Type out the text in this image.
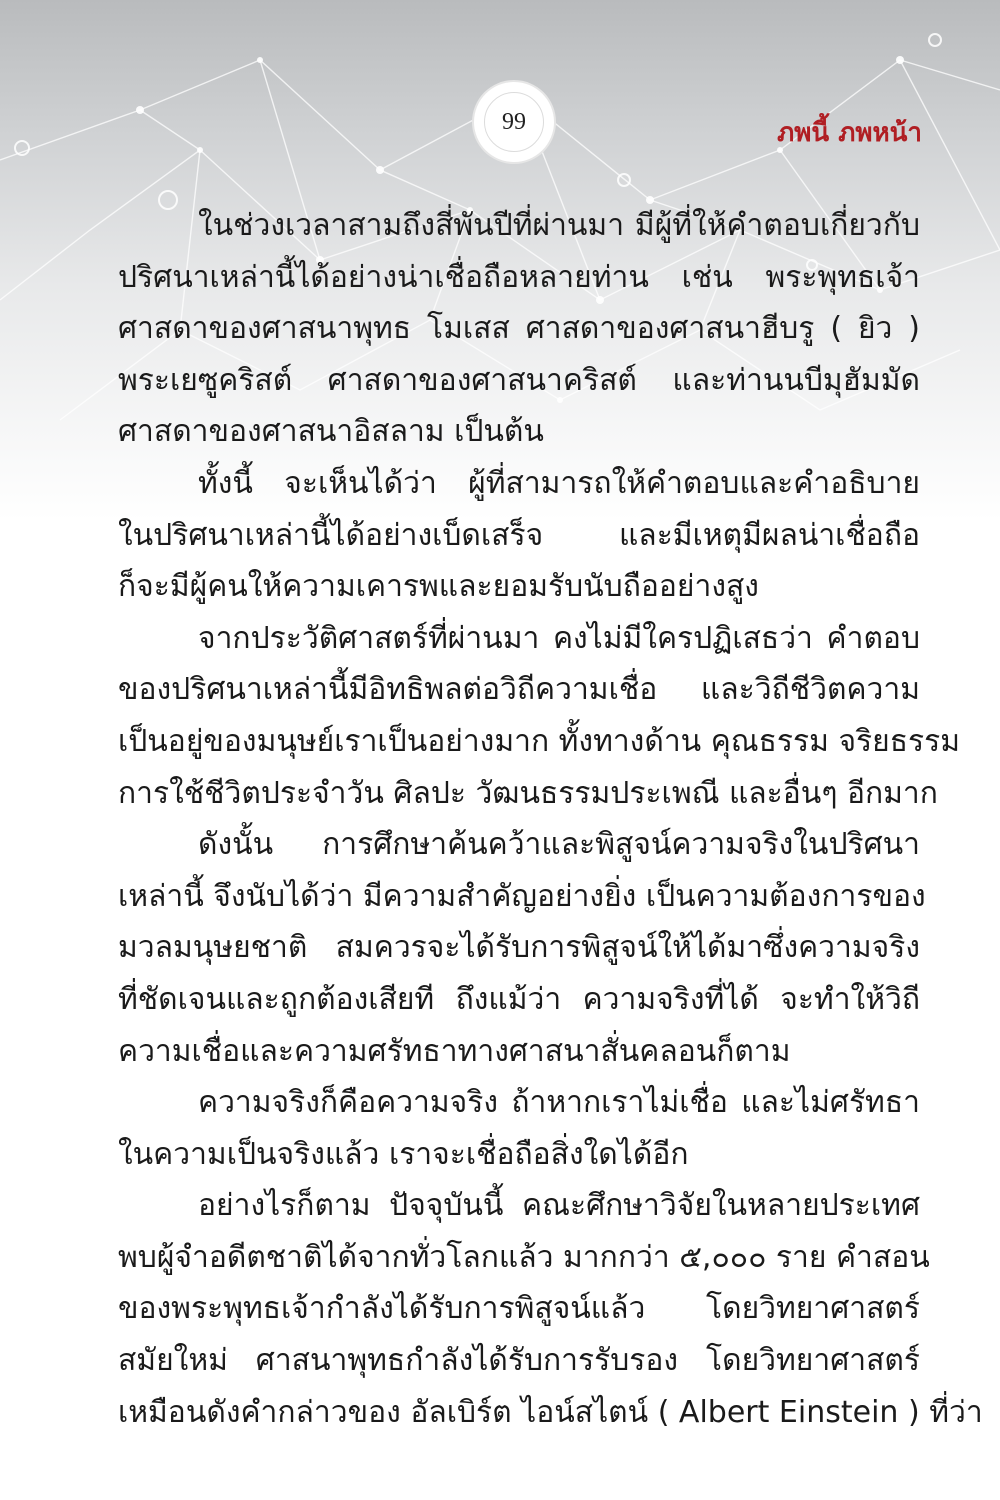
99	ภพนี้ ภพหน้า

ในช่วงเวลาสามถึงสี่พันปีที่ผ่านมา มีผู้ที่ให้คำตอบเกี่ยวกับ
ปริศนาเหล่านี้ได้อย่างน่าเชื่อถือหลายท่าน เช่น พระพุทธเจ้า
ศาสดาของศาสนาพุทธ โมเสส ศาสดาของศาสนาฮีบรู ( ยิว )
พระเยซูคริสต์ ศาสดาของศาสนาคริสต์ และท่านนบีมุฮัมมัด
ศาสดาของศาสนาอิสลาม เป็นต้น

ทั้งนี้ จะเห็นได้ว่า ผู้ที่สามารถให้คำตอบและคำอธิบาย
ในปริศนาเหล่านี้ได้อย่างเบ็ดเสร็จ และมีเหตุมีผลน่าเชื่อถือ
ก็จะมีผู้คนให้ความเคารพและยอมรับนับถืออย่างสูง

จากประวัติศาสตร์ที่ผ่านมา คงไม่มีใครปฏิเสธว่า คำตอบ
ของปริศนาเหล่านี้มีอิทธิพลต่อวิถีความเชื่อ และวิถีชีวิตความ
เป็นอยู่ของมนุษย์เราเป็นอย่างมาก ทั้งทางด้าน คุณธรรม จริยธรรม
การใช้ชีวิตประจำวัน ศิลปะ วัฒนธรรมประเพณี และอื่นๆ อีกมาก

ดังนั้น การศึกษาค้นคว้าและพิสูจน์ความจริงในปริศนา
เหล่านี้ จึงนับได้ว่า มีความสำคัญอย่างยิ่ง เป็นความต้องการของ
มวลมนุษยชาติ สมควรจะได้รับการพิสูจน์ให้ได้มาซึ่งความจริง
ที่ชัดเจนและถูกต้องเสียที ถึงแม้ว่า ความจริงที่ได้ จะทำให้วิถี
ความเชื่อและความศรัทธาทางศาสนาสั่นคลอนก็ตาม

ความจริงก็คือความจริง ถ้าหากเราไม่เชื่อ และไม่ศรัทธา
ในความเป็นจริงแล้ว เราจะเชื่อถือสิ่งใดได้อีก

อย่างไรก็ตาม ปัจจุบันนี้ คณะศึกษาวิจัยในหลายประเทศ
พบผู้จำอดีตชาติได้จากทั่วโลกแล้ว มากกว่า ๕,๐๐๐ ราย คำสอน
ของพระพุทธเจ้ากำลังได้รับการพิสูจน์แล้ว โดยวิทยาศาสตร์
สมัยใหม่ ศาสนาพุทธกำลังได้รับการรับรอง โดยวิทยาศาสตร์
เหมือนดังคำกล่าวของ อัลเบิร์ต ไอน์สไตน์ ( Albert Einstein ) ที่ว่า
